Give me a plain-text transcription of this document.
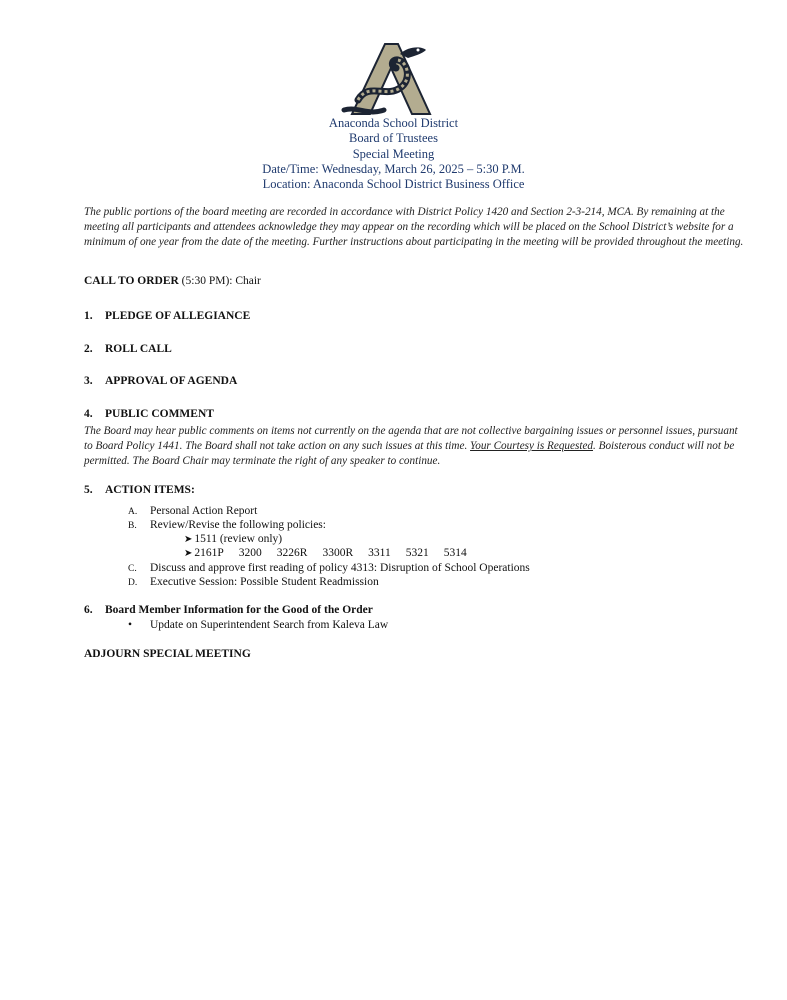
Anaconda School District
Board of Trustees
Special Meeting
Date/Time: Wednesday, March 26, 2025 – 5:30 P.M.
Location: Anaconda School District Business Office
The public portions of the board meeting are recorded in accordance with District Policy 1420 and Section 2-3-214, MCA. By remaining at the meeting all participants and attendees acknowledge they may appear on the recording which will be placed on the School District’s website for a minimum of one year from the date of the meeting. Further instructions about participating in the meeting will be provided throughout the meeting.
CALL TO ORDER (5:30 PM): Chair
1. PLEDGE OF ALLEGIANCE
2. ROLL CALL
3. APPROVAL OF AGENDA
4. PUBLIC COMMENT
The Board may hear public comments on items not currently on the agenda that are not collective bargaining issues or personnel issues, pursuant to Board Policy 1441. The Board shall not take action on any such issues at this time. Your Courtesy is Requested. Boisterous conduct will not be permitted. The Board Chair may terminate the right of any speaker to continue.
5. ACTION ITEMS:
A. Personal Action Report
B. Review/Revise the following policies:
➤ 1511 (review only)
➤ 2161P 3200 3226R 3300R 3311 5321 5314
C. Discuss and approve first reading of policy 4313: Disruption of School Operations
D. Executive Session: Possible Student Readmission
6. Board Member Information for the Good of the Order
• Update on Superintendent Search from Kaleva Law
ADJOURN SPECIAL MEETING
